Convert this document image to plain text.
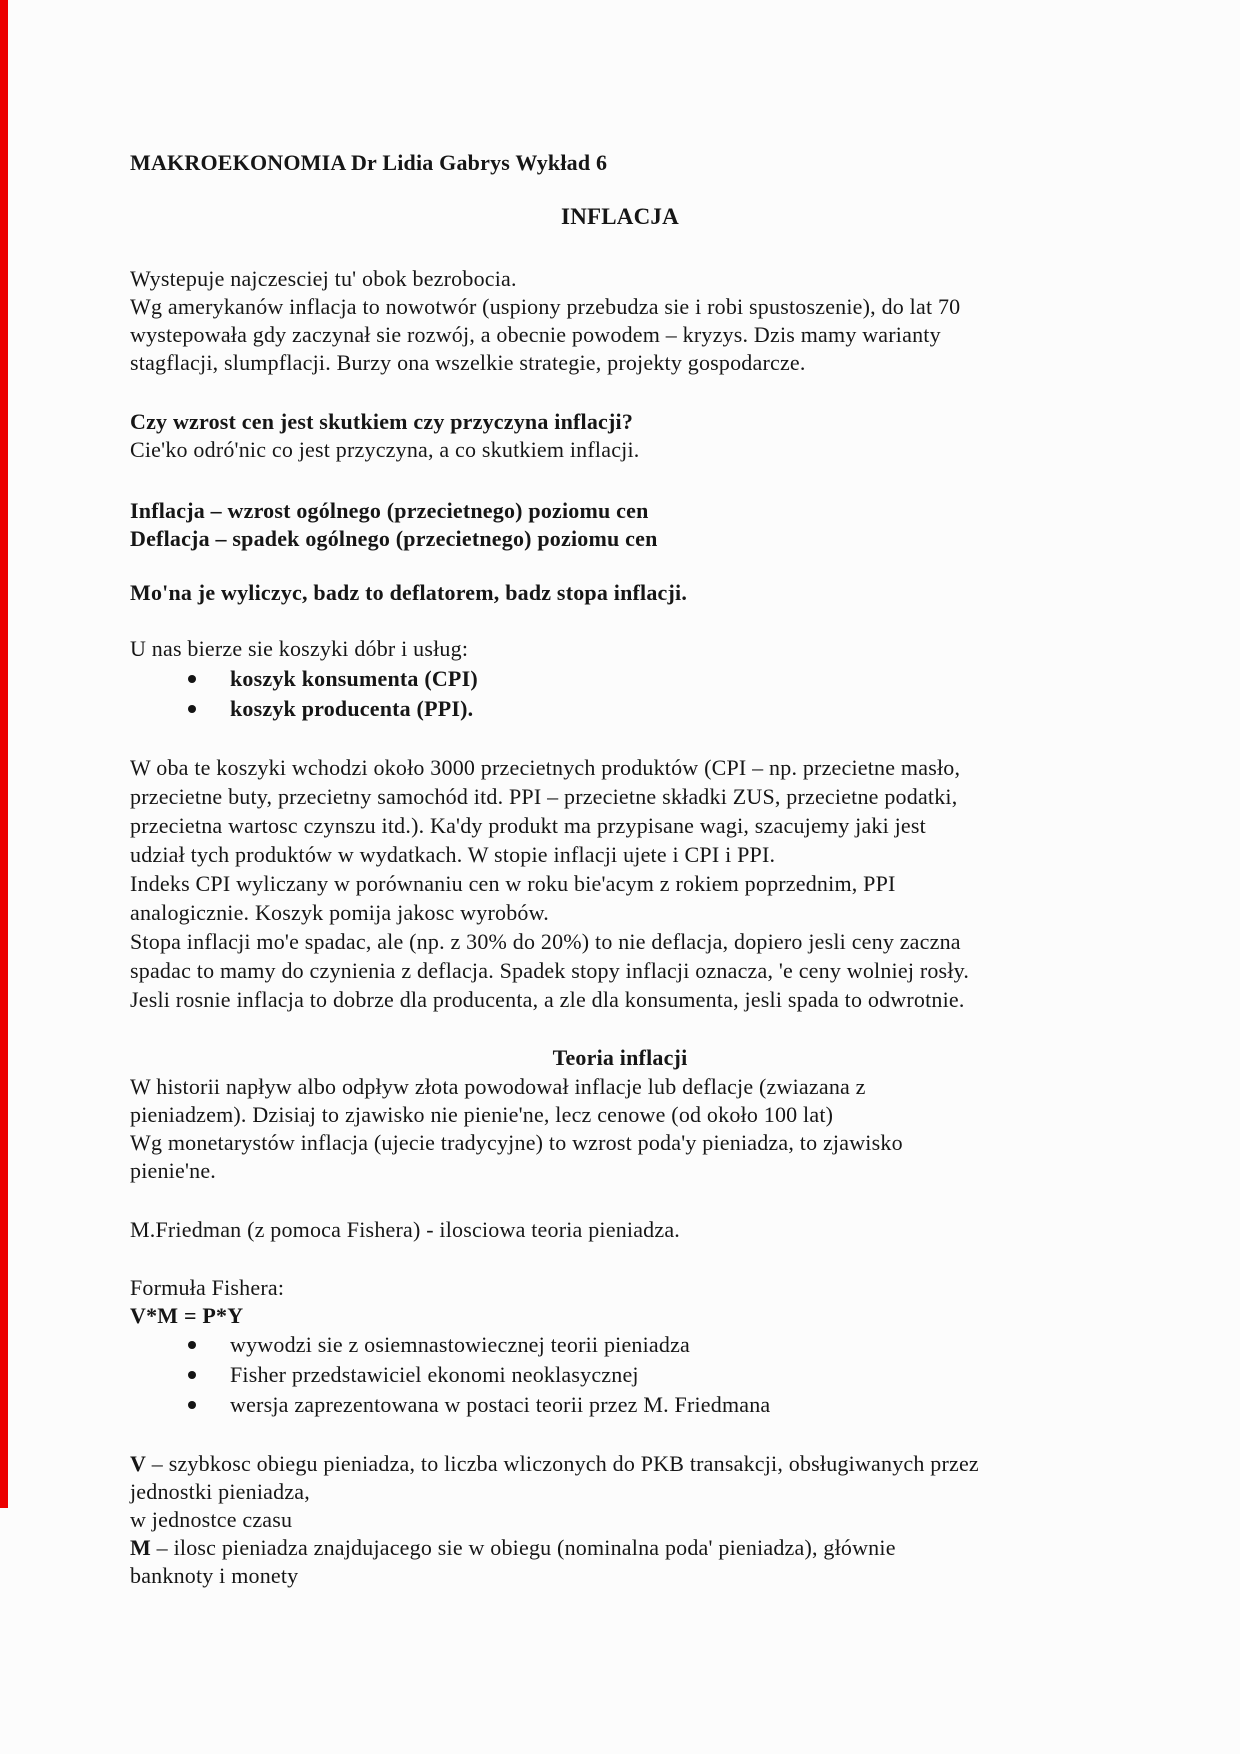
MAKROEKONOMIA Dr Lidia Gabrys Wykład 6
INFLACJA
Wystepuje najczesciej tu' obok bezrobocia.
Wg amerykanów inflacja to nowotwór (uspiony przebudza sie i robi spustoszenie), do lat 70
wystepowała gdy zaczynał sie rozwój, a obecnie powodem – kryzys. Dzis mamy warianty
stagflacji, slumpflacji. Burzy ona wszelkie strategie, projekty gospodarcze.
Czy wzrost cen jest skutkiem czy przyczyna inflacji?
Cie'ko odró'nic co jest przyczyna, a co skutkiem inflacji.
Inflacja – wzrost ogólnego (przecietnego) poziomu cen
Deflacja – spadek ogólnego (przecietnego) poziomu cen
Mo'na je wyliczyc, badz to deflatorem, badz stopa inflacji.
U nas bierze sie koszyki dóbr i usług:
koszyk konsumenta (CPI)
koszyk producenta (PPI).
W oba te koszyki wchodzi około 3000 przecietnych produktów (CPI – np. przecietne masło,
przecietne buty, przecietny samochód itd. PPI – przecietne składki ZUS, przecietne podatki,
przecietna wartosc czynszu itd.). Ka'dy produkt ma przypisane wagi, szacujemy jaki jest
udział tych produktów w wydatkach. W stopie inflacji ujete i CPI i PPI.
Indeks CPI wyliczany w porównaniu cen w roku bie'acym z rokiem poprzednim, PPI
analogicznie. Koszyk pomija jakosc wyrobów.
Stopa inflacji mo'e spadac, ale (np. z 30% do 20%) to nie deflacja, dopiero jesli ceny zaczna
spadac to mamy do czynienia z deflacja. Spadek stopy inflacji oznacza, 'e ceny wolniej rosły.
Jesli rosnie inflacja to dobrze dla producenta, a zle dla konsumenta, jesli spada to odwrotnie.
Teoria inflacji
W historii napływ albo odpływ złota powodował inflacje lub deflacje (zwiazana z
pieniadzem). Dzisiaj to zjawisko nie pienie'ne, lecz cenowe (od około 100 lat)
Wg monetarystów inflacja (ujecie tradycyjne) to wzrost poda'y pieniadza, to zjawisko
pienie'ne.
M.Friedman (z pomoca Fishera) - ilosciowa teoria pieniadza.
Formuła Fishera:
V*M = P*Y
wywodzi sie z osiemnastowiecznej teorii pieniadza
Fisher przedstawiciel ekonomi neoklasycznej
wersja zaprezentowana w postaci teorii przez M. Friedmana
V – szybkosc obiegu pieniadza, to liczba wliczonych do PKB transakcji, obsługiwanych przez
jednostki pieniadza,
w jednostce czasu
M – ilosc pieniadza znajdujacego sie w obiegu (nominalna poda' pieniadza), głównie
banknoty i monety
